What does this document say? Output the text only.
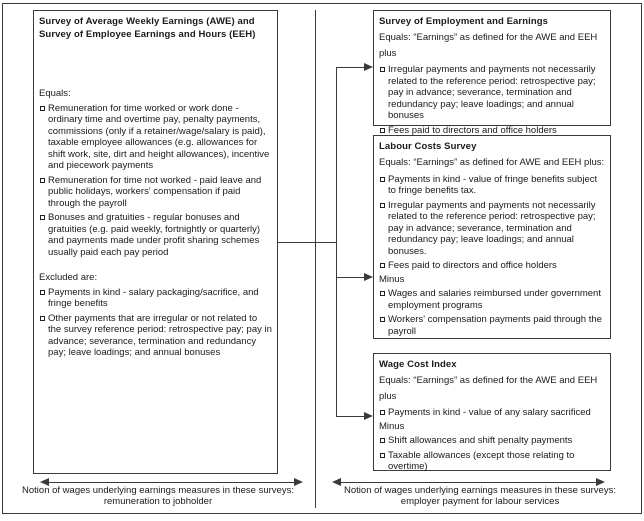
Survey of Average Weekly Earnings (AWE) and Survey of Employee Earnings and Hours (EEH)
Equals:
Remuneration for time worked or work done - ordinary time and overtime pay, penalty payments, commissions (only if a retainer/wage/salary is paid), taxable employee allowances (e.g. allowances for shift work, site, dirt and height allowances), incentive and piecework payments
Remuneration for time not worked - paid leave and public holidays, workers' compensation if paid through the payroll
Bonuses and gratuities - regular bonuses and gratuities (e.g. paid weekly, fortnightly or quarterly) and payments made under profit sharing schemes usually paid each pay period
Excluded are:
Payments in kind - salary packaging/sacrifice, and fringe benefits
Other payments that are irregular or not related to the survey reference period: retrospective pay; pay in advance; severance, termination and redundancy pay; leave loadings; and annual bonuses
Survey of Employment and Earnings
Equals: “Earnings” as defined for the AWE and EEH plus
Irregular payments and payments not necessarily related to the reference period: retrospective pay; pay in advance; severance, termination and redundancy pay; leave loadings; and annual bonuses
Fees paid to directors and office holders
Labour Costs Survey
Equals: “Earnings” as defined for AWE and EEH plus:
Payments in kind - value of fringe benefits subject to fringe benefits tax.
Irregular payments and payments not necessarily related to the reference period: retrospective pay; pay in advance; severance, termination and redundancy pay; leave loadings; and annual bonuses.
Fees paid to directors and office holders
Minus
Wages and salaries reimbursed under government employment programs
Workers' compensation payments paid through the payroll
Wage Cost Index
Equals: “Earnings” as defined for the AWE and EEH plus
Payments in kind - value of any salary sacrificed
Minus
Shift allowances and shift penalty payments
Taxable allowances (except those relating to overtime)
Notion of wages underlying earnings measures in these surveys:
remuneration to jobholder
Notion of wages underlying earnings measures in these surveys:
employer payment for labour services
